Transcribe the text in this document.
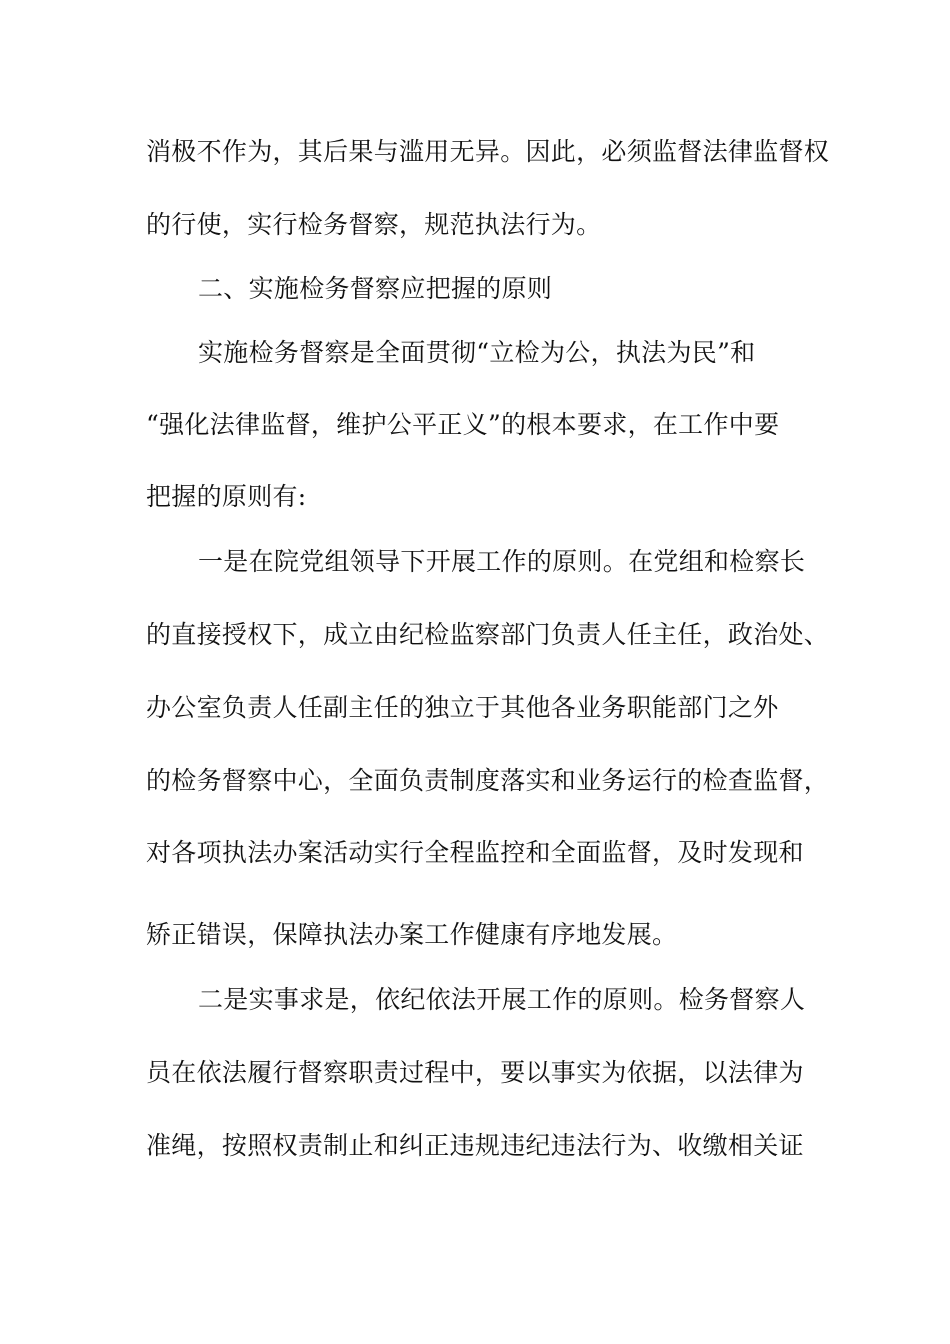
消极不作为，其后果与滥用无异。因此，必须监督法律监督权
的行使，实行检务督察，规范执法行为。
二、实施检务督察应把握的原则
实施检务督察是全面贯彻“立检为公，执法为民”和
“强化法律监督，维护公平正义”的根本要求，在工作中要
把握的原则有:
一是在院党组领导下开展工作的原则。在党组和检察长
的直接授权下，成立由纪检监察部门负责人任主任，政治处、
办公室负责人任副主任的独立于其他各业务职能部门之外
的检务督察中心，全面负责制度落实和业务运行的检查监督，
对各项执法办案活动实行全程监控和全面监督，及时发现和
矫正错误，保障执法办案工作健康有序地发展。
二是实事求是，依纪依法开展工作的原则。检务督察人
员在依法履行督察职责过程中，要以事实为依据，以法律为
准绳，按照权责制止和纠正违规违纪违法行为、收缴相关证
